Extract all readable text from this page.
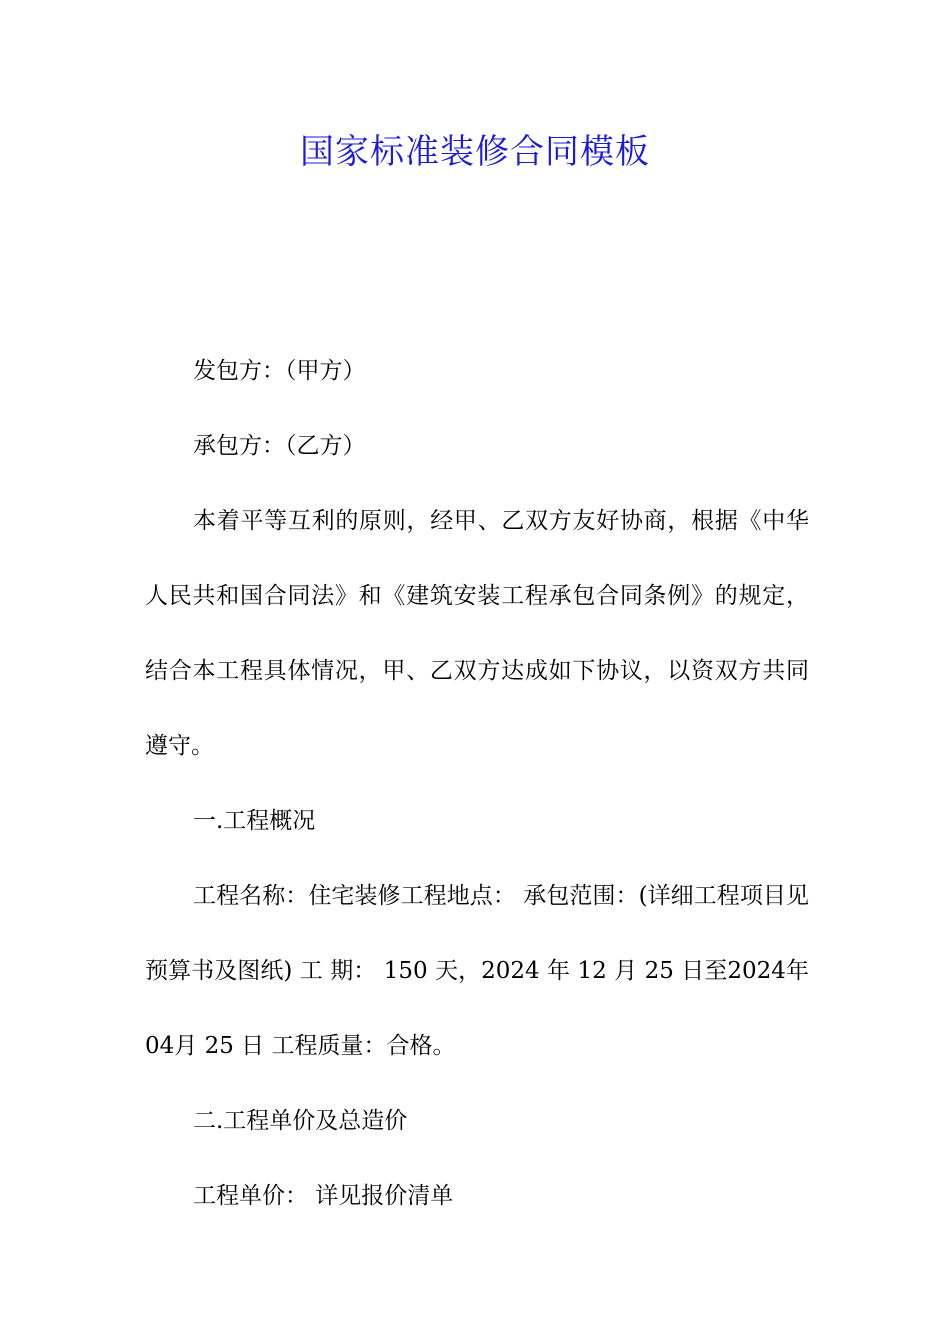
国家标准装修合同模板

发包方：（甲方）

承包方：（乙方）

本着平等互利的原则，经甲、乙双方友好协商，根据《中华人民共和国合同法》和《建筑安装工程承包合同条例》的规定，结合本工程具体情况，甲、乙双方达成如下协议，以资双方共同遵守。

一.工程概况

工程名称：住宅装修工程地点： 承包范围：(详细工程项目见预算书及图纸) 工 期： 150 天，2024 年 12 月 25 日至2024年04月 25 日 工程质量：合格。

二.工程单价及总造价

工程单价： 详见报价清单
